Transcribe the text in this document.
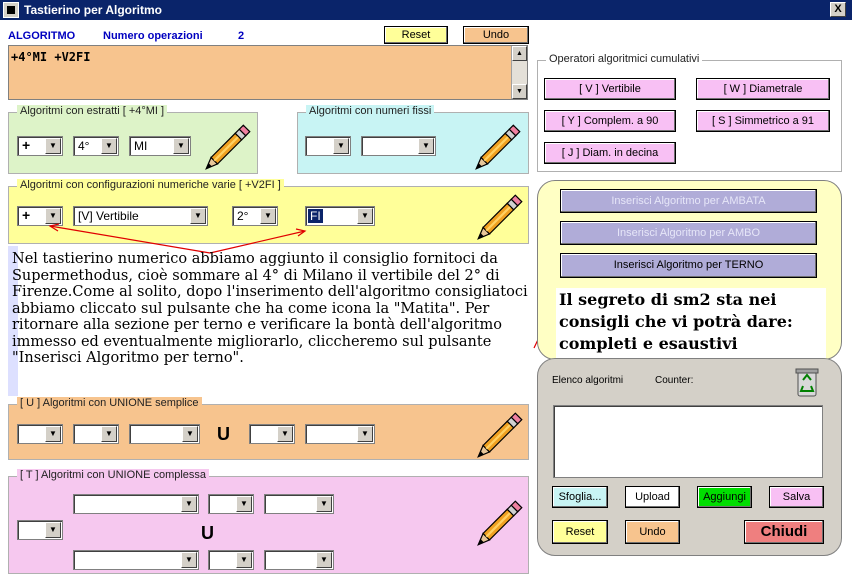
Tastierino per Algoritmo	X
ALGORITMO	Numero operazioni	2	Reset	Undo
+4°MI +V2FI	▲
▼
Algoritmi con estratti [ +4°MI ]
+	▼	4°	▼	MI	▼
Algoritmi con numeri fissi
▼	▼
Algoritmi con configurazioni numeriche varie [ +V2FI ]
+	▼	[V] Vertibile	▼	2°	▼	FI	▼
Nel tastierino numerico abbiamo aggiunto il consiglio fornitoci da Supermethodus, cioè sommare al 4° di Milano il vertibile del 2° di Firenze.Come al solito, dopo l'inserimento dell'algoritmo consigliatoci abbiamo cliccato sul pulsante che ha come icona la "Matita". Per ritornare alla sezione per terno e verificare la bontà dell'algoritmo immesso ed eventualmente migliorarlo, cliccheremo sul pulsante "Inserisci Algoritmo per terno".
[ U ] Algoritmi con UNIONE semplice
▼	▼	▼ U	▼	▼
[ T ] Algoritmi con UNIONE complessa
▼	▼	▼
▼	U
▼	▼	▼
Operatori algoritmici cumulativi
[ V ] Vertibile	[ W ] Diametrale
[ Y ] Complem. a 90	[ S ] Simmetrico a 91
[ J ] Diam. in decina
Inserisci Algoritmo per AMBATA
Inserisci Algoritmo per AMBO
Inserisci Algoritmo per TERNO
Il segreto di sm2 sta nei consigli che vi potrà dare: completi e esaustivi
Elenco algoritmi	Counter:
Sfoglia...	Upload	Aggiungi	Salva
Reset	Undo	Chiudi
